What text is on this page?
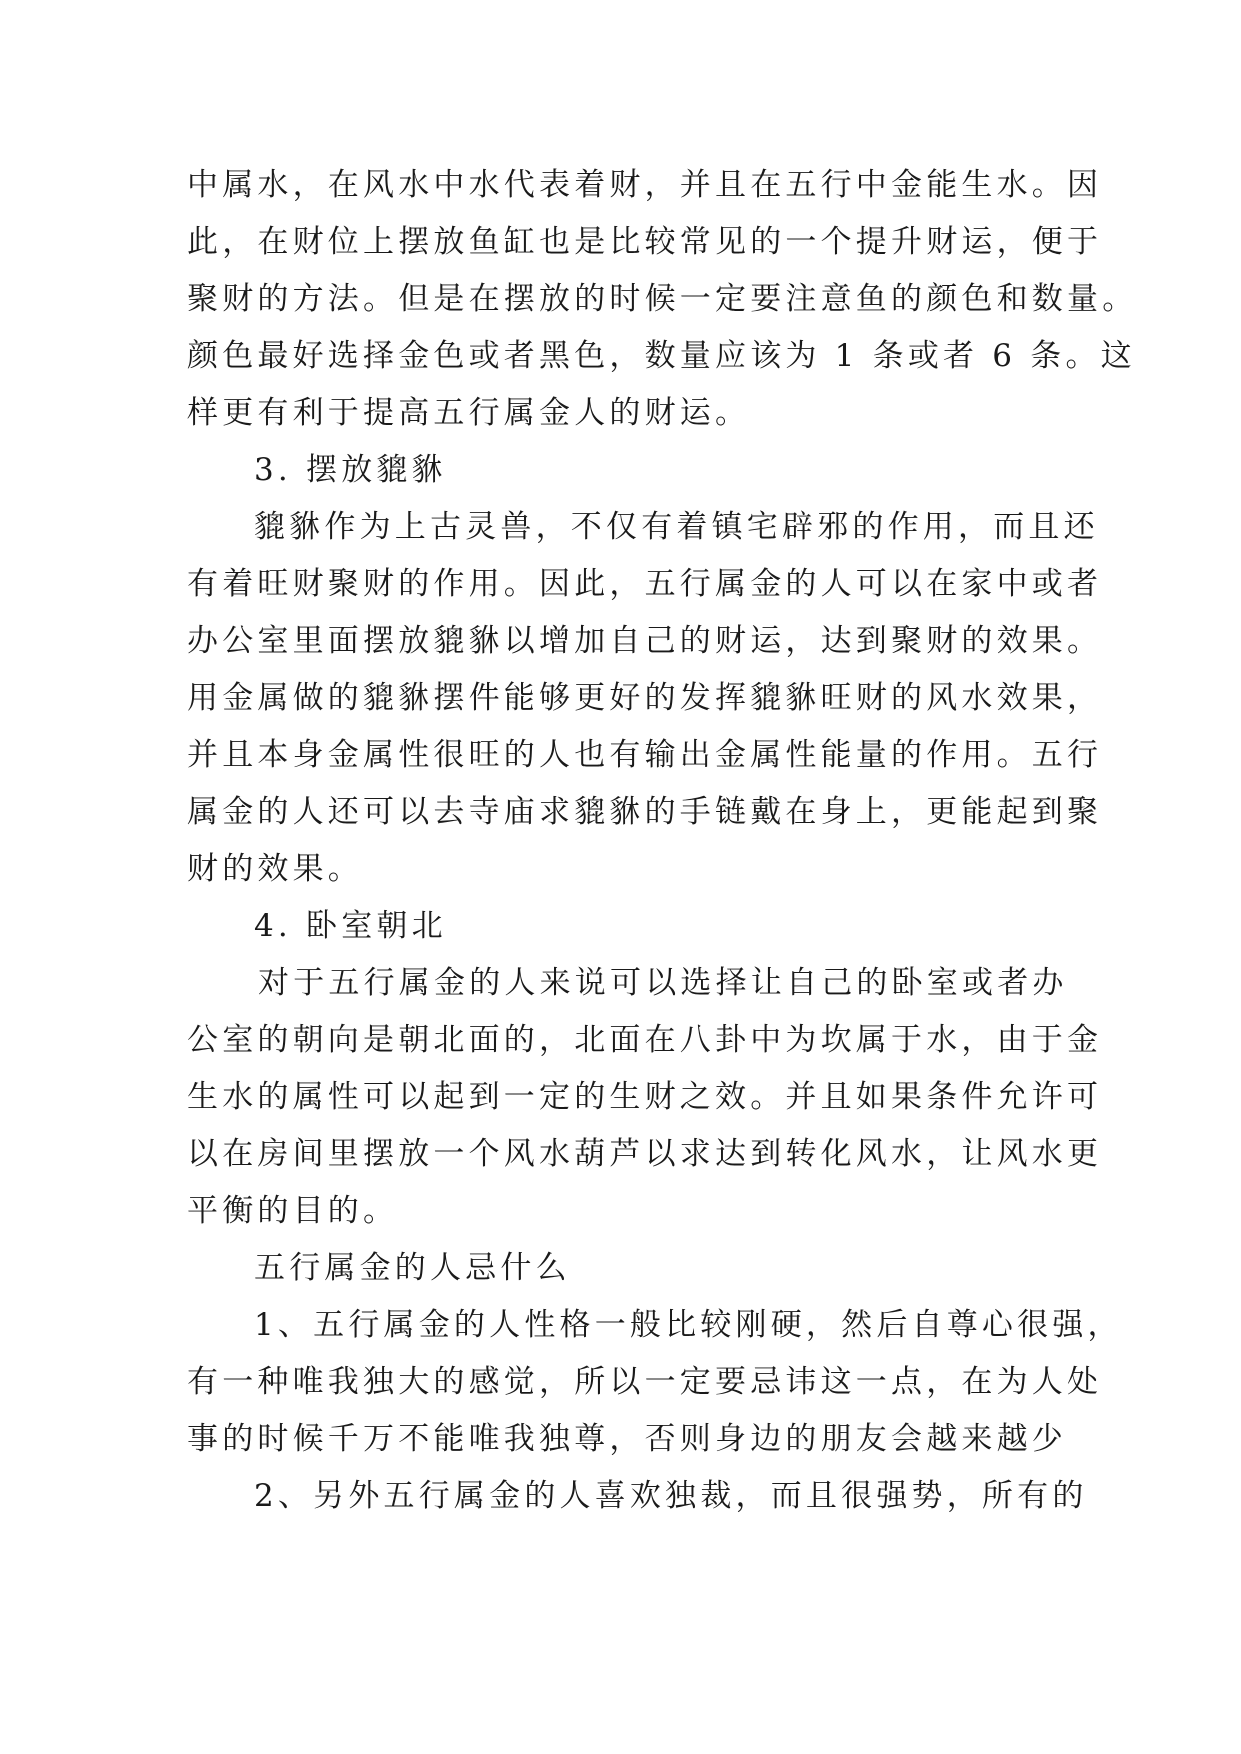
中属水，在风水中水代表着财，并且在五行中金能生水。因
此，在财位上摆放鱼缸也是比较常见的一个提升财运，便于
聚财的方法。但是在摆放的时候一定要注意鱼的颜色和数量。
颜色最好选择金色或者黑色，数量应该为 1 条或者 6 条。这
样更有利于提高五行属金人的财运。
3. 摆放貔貅
貔貅作为上古灵兽，不仅有着镇宅辟邪的作用，而且还
有着旺财聚财的作用。因此，五行属金的人可以在家中或者
办公室里面摆放貔貅以增加自己的财运，达到聚财的效果。
用金属做的貔貅摆件能够更好的发挥貔貅旺财的风水效果，
并且本身金属性很旺的人也有输出金属性能量的作用。五行
属金的人还可以去寺庙求貔貅的手链戴在身上，更能起到聚
财的效果。
4. 卧室朝北
对于五行属金的人来说可以选择让自己的卧室或者办
公室的朝向是朝北面的，北面在八卦中为坎属于水，由于金
生水的属性可以起到一定的生财之效。并且如果条件允许可
以在房间里摆放一个风水葫芦以求达到转化风水，让风水更
平衡的目的。
五行属金的人忌什么
1、五行属金的人性格一般比较刚硬，然后自尊心很强，
有一种唯我独大的感觉，所以一定要忌讳这一点，在为人处
事的时候千万不能唯我独尊，否则身边的朋友会越来越少
2、另外五行属金的人喜欢独裁，而且很强势，所有的
